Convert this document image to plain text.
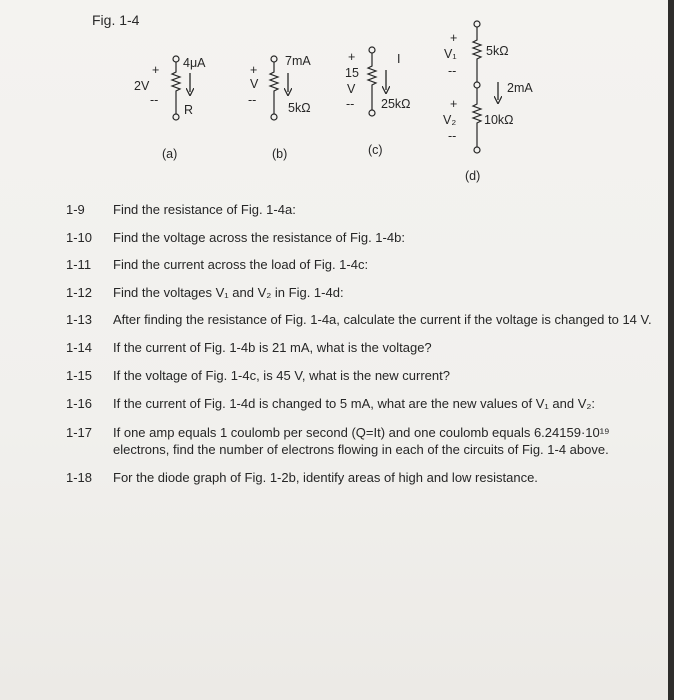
Fig. 1-4
4μA
+
2V
--
R
(a)
7mA
+
V
--
5kΩ
(b)
I
+
15
V
-- 25kΩ
(c)
5kΩ
2mA
10kΩ
+
V₁
--
+
V₂
--
(d)
1-9 Find the resistance of Fig. 1-4a:
1-10 Find the voltage across the resistance of Fig. 1-4b:
1-11 Find the current across the load of Fig. 1-4c:
1-12 Find the voltages V₁ and V₂ in Fig. 1-4d:
1-13 After finding the resistance of Fig. 1-4a, calculate the current if the voltage is changed to 14 V.
1-14 If the current of Fig. 1-4b is 21 mA, what is the voltage?
1-15 If the voltage of Fig. 1-4c, is 45 V, what is the new current?
1-16 If the current of Fig. 1-4d is changed to 5 mA, what are the new values of V₁ and V₂:
1-17 If one amp equals 1 coulomb per second (Q=It) and one coulomb equals 6.24159·10¹⁹ electrons, find the number of electrons flowing in each of the circuits of Fig. 1-4 above.
1-18 For the diode graph of Fig. 1-2b, identify areas of high and low resistance.
